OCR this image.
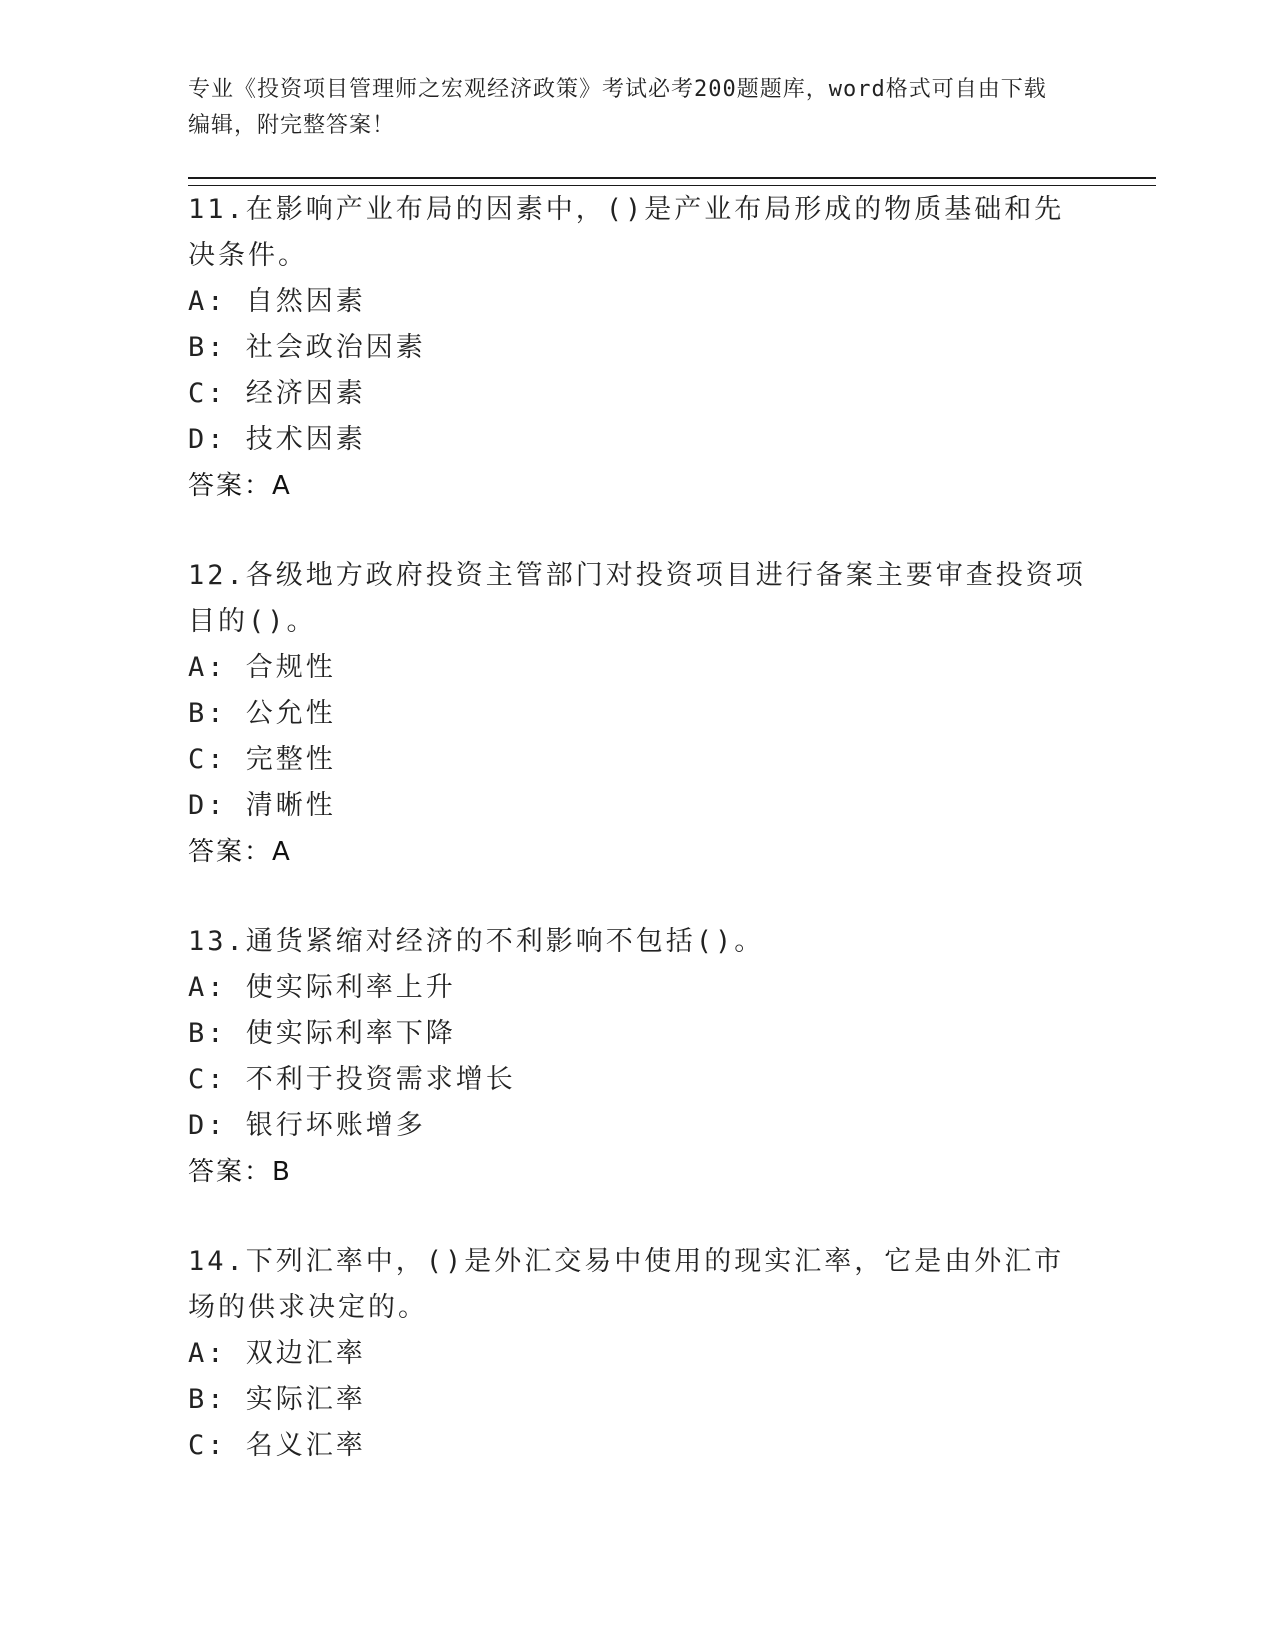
专业《投资项目管理师之宏观经济政策》考试必考200题题库，word格式可自由下载编辑，附完整答案！

11.在影响产业布局的因素中，()是产业布局形成的物质基础和先决条件。

A: 自然因素

B: 社会政治因素

C: 经济因素

D: 技术因素

答案：A

12.各级地方政府投资主管部门对投资项目进行备案主要审查投资项目的()。

A: 合规性

B: 公允性

C: 完整性

D: 清晰性

答案：A

13.通货紧缩对经济的不利影响不包括()。

A: 使实际利率上升

B: 使实际利率下降

C: 不利于投资需求增长

D: 银行坏账增多

答案：B

14.下列汇率中，()是外汇交易中使用的现实汇率，它是由外汇市场的供求决定的。

A: 双边汇率

B: 实际汇率

C: 名义汇率
